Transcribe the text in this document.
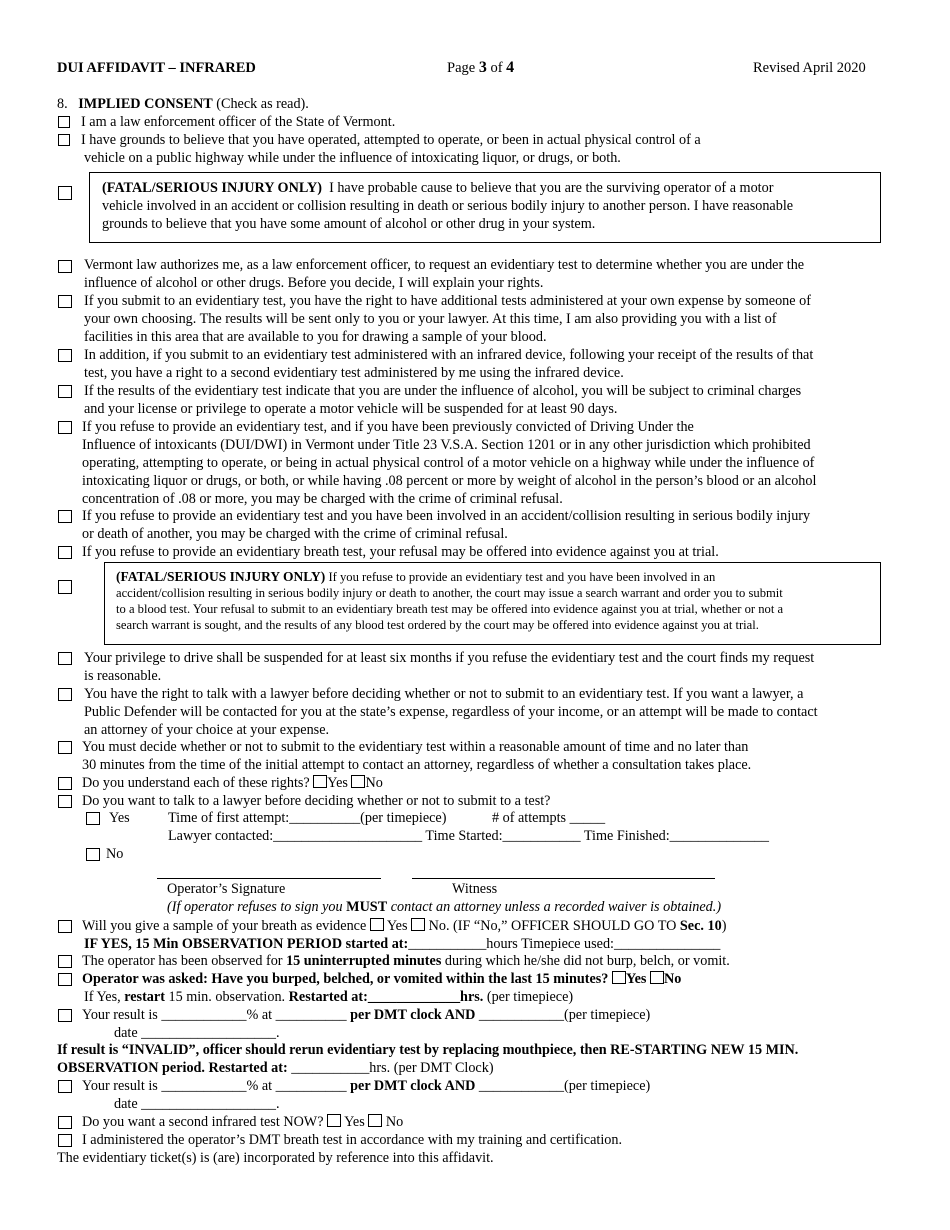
DUI AFFIDAVIT – INFRARED	Page 3 of 4	Revised April 2020
8. IMPLIED CONSENT (Check as read).
I am a law enforcement officer of the State of Vermont.
I have grounds to believe that you have operated, attempted to operate, or been in actual physical control of a
vehicle on a public highway while under the influence of intoxicating liquor, or drugs, or both.
(FATAL/SERIOUS INJURY ONLY) I have probable cause to believe that you are the surviving operator of a motor
vehicle involved in an accident or collision resulting in death or serious bodily injury to another person. I have reasonable
grounds to believe that you have some amount of alcohol or other drug in your system.
Vermont law authorizes me, as a law enforcement officer, to request an evidentiary test to determine whether you are under the
influence of alcohol or other drugs. Before you decide, I will explain your rights.
If you submit to an evidentiary test, you have the right to have additional tests administered at your own expense by someone of
your own choosing. The results will be sent only to you or your lawyer. At this time, I am also providing you with a list of
facilities in this area that are available to you for drawing a sample of your blood.
In addition, if you submit to an evidentiary test administered with an infrared device, following your receipt of the results of that
test, you have a right to a second evidentiary test administered by me using the infrared device.
If the results of the evidentiary test indicate that you are under the influence of alcohol, you will be subject to criminal charges
and your license or privilege to operate a motor vehicle will be suspended for at least 90 days.
If you refuse to provide an evidentiary test, and if you have been previously convicted of Driving Under the
Influence of intoxicants (DUI/DWI) in Vermont under Title 23 V.S.A. Section 1201 or in any other jurisdiction which prohibited
operating, attempting to operate, or being in actual physical control of a motor vehicle on a highway while under the influence of
intoxicating liquor or drugs, or both, or while having .08 percent or more by weight of alcohol in the person’s blood or an alcohol
concentration of .08 or more, you may be charged with the crime of criminal refusal.
If you refuse to provide an evidentiary test and you have been involved in an accident/collision resulting in serious bodily injury
or death of another, you may be charged with the crime of criminal refusal.
If you refuse to provide an evidentiary breath test, your refusal may be offered into evidence against you at trial.
(FATAL/SERIOUS INJURY ONLY) If you refuse to provide an evidentiary test and you have been involved in an
accident/collision resulting in serious bodily injury or death to another, the court may issue a search warrant and order you to submit
to a blood test. Your refusal to submit to an evidentiary breath test may be offered into evidence against you at trial, whether or not a
search warrant is sought, and the results of any blood test ordered by the court may be offered into evidence against you at trial.
Your privilege to drive shall be suspended for at least six months if you refuse the evidentiary test and the court finds my request
is reasonable.
You have the right to talk with a lawyer before deciding whether or not to submit to an evidentiary test. If you want a lawyer, a
Public Defender will be contacted for you at the state’s expense, regardless of your income, or an attempt will be made to contact
an attorney of your choice at your expense.
You must decide whether or not to submit to the evidentiary test within a reasonable amount of time and no later than
30 minutes from the time of the initial attempt to contact an attorney, regardless of whether a consultation takes place.
Do you understand each of these rights? Yes No
Do you want to talk to a lawyer before deciding whether or not to submit to a test?
Yes	Time of first attempt:__________(per timepiece)	# of attempts _____
Lawyer contacted:_____________________ Time Started:___________ Time Finished:______________
No
Operator’s Signature	Witness
(If operator refuses to sign you MUST contact an attorney unless a recorded waiver is obtained.)
Will you give a sample of your breath as evidence Yes No. (IF “No,” OFFICER SHOULD GO TO Sec. 10)
IF YES, 15 Min OBSERVATION PERIOD started at:___________hours Timepiece used:_______________
The operator has been observed for 15 uninterrupted minutes during which he/she did not burp, belch, or vomit.
Operator was asked: Have you burped, belched, or vomited within the last 15 minutes? Yes No
If Yes, restart 15 min. observation. Restarted at:_____________hrs. (per timepiece)
Your result is ____________% at __________ per DMT clock AND ____________(per timepiece)
date ___________________.
If result is “INVALID”, officer should rerun evidentiary test by replacing mouthpiece, then RE-STARTING NEW 15 MIN.
OBSERVATION period. Restarted at: ___________hrs. (per DMT Clock)
Your result is ____________% at __________ per DMT clock AND ____________(per timepiece)
date ___________________.
Do you want a second infrared test NOW? Yes No
I administered the operator’s DMT breath test in accordance with my training and certification.
The evidentiary ticket(s) is (are) incorporated by reference into this affidavit.
